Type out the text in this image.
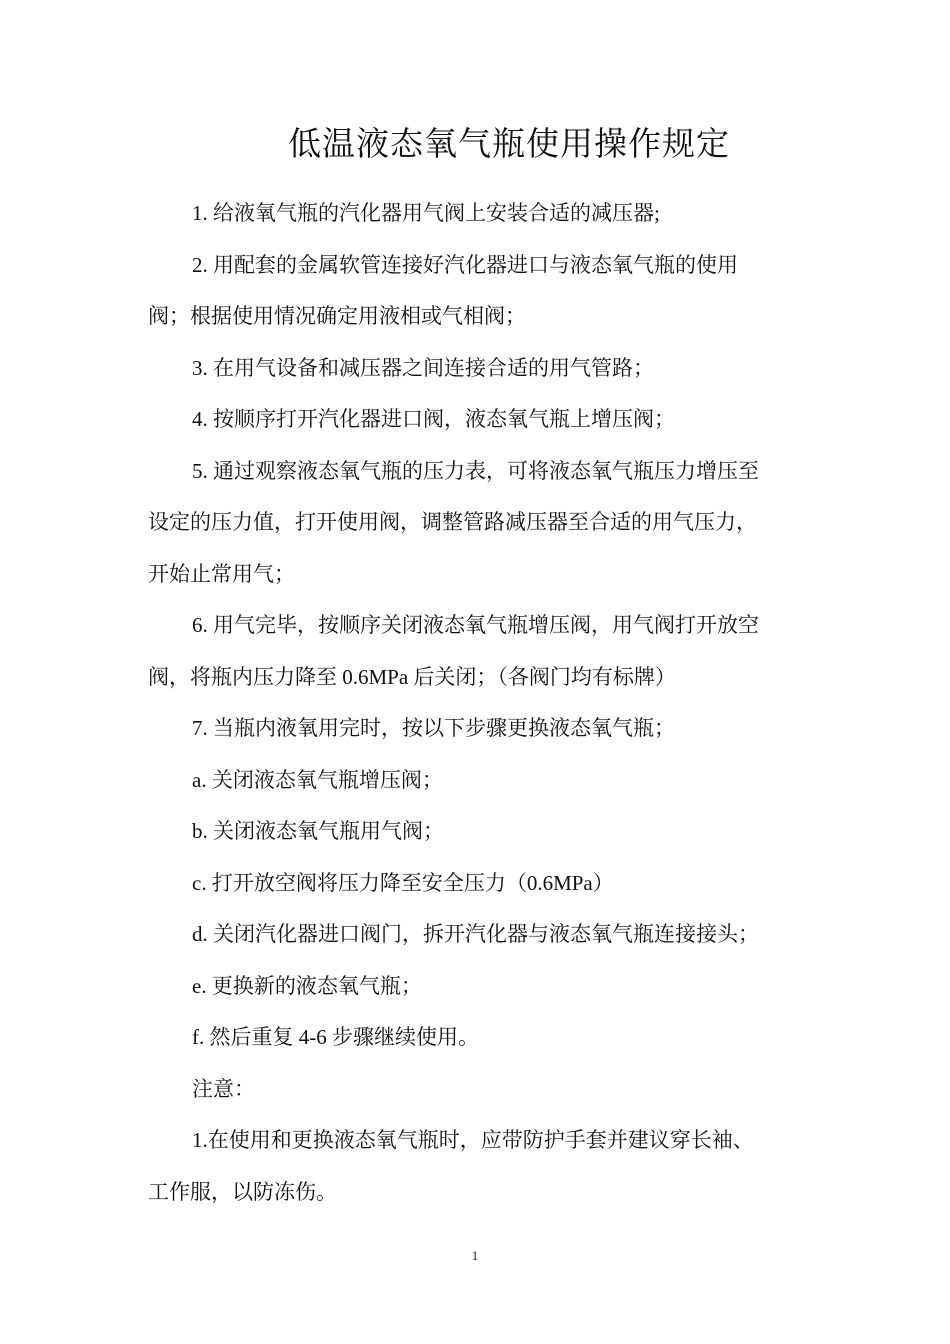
低温液态氧气瓶使用操作规定

1. 给液氧气瓶的汽化器用气阀上安装合适的减压器;

2. 用配套的金属软管连接好汽化器进口与液态氧气瓶的使用
阀；根据使用情况确定用液相或气相阀；

3. 在用气设备和减压器之间连接合适的用气管路；

4. 按顺序打开汽化器进口阀，液态氧气瓶上增压阀；

5. 通过观察液态氧气瓶的压力表，可将液态氧气瓶压力增压至
设定的压力值，打开使用阀，调整管路减压器至合适的用气压力，
开始止常用气；

6. 用气完毕，按顺序关闭液态氧气瓶增压阀，用气阀打开放空
阀，将瓶内压力降至 0.6MPa 后关闭；（各阀门均有标牌）

7. 当瓶内液氧用完时，按以下步骤更换液态氧气瓶；

a. 关闭液态氧气瓶增压阀；

b. 关闭液态氧气瓶用气阀；

c. 打开放空阀将压力降至安全压力（0.6MPa）

d. 关闭汽化器进口阀门，拆开汽化器与液态氧气瓶连接接头；

e. 更换新的液态氧气瓶；

f. 然后重复 4-6 步骤继续使用。

注意：

1.在使用和更换液态氧气瓶时，应带防护手套并建议穿长袖、
工作服，以防冻伤。

1
